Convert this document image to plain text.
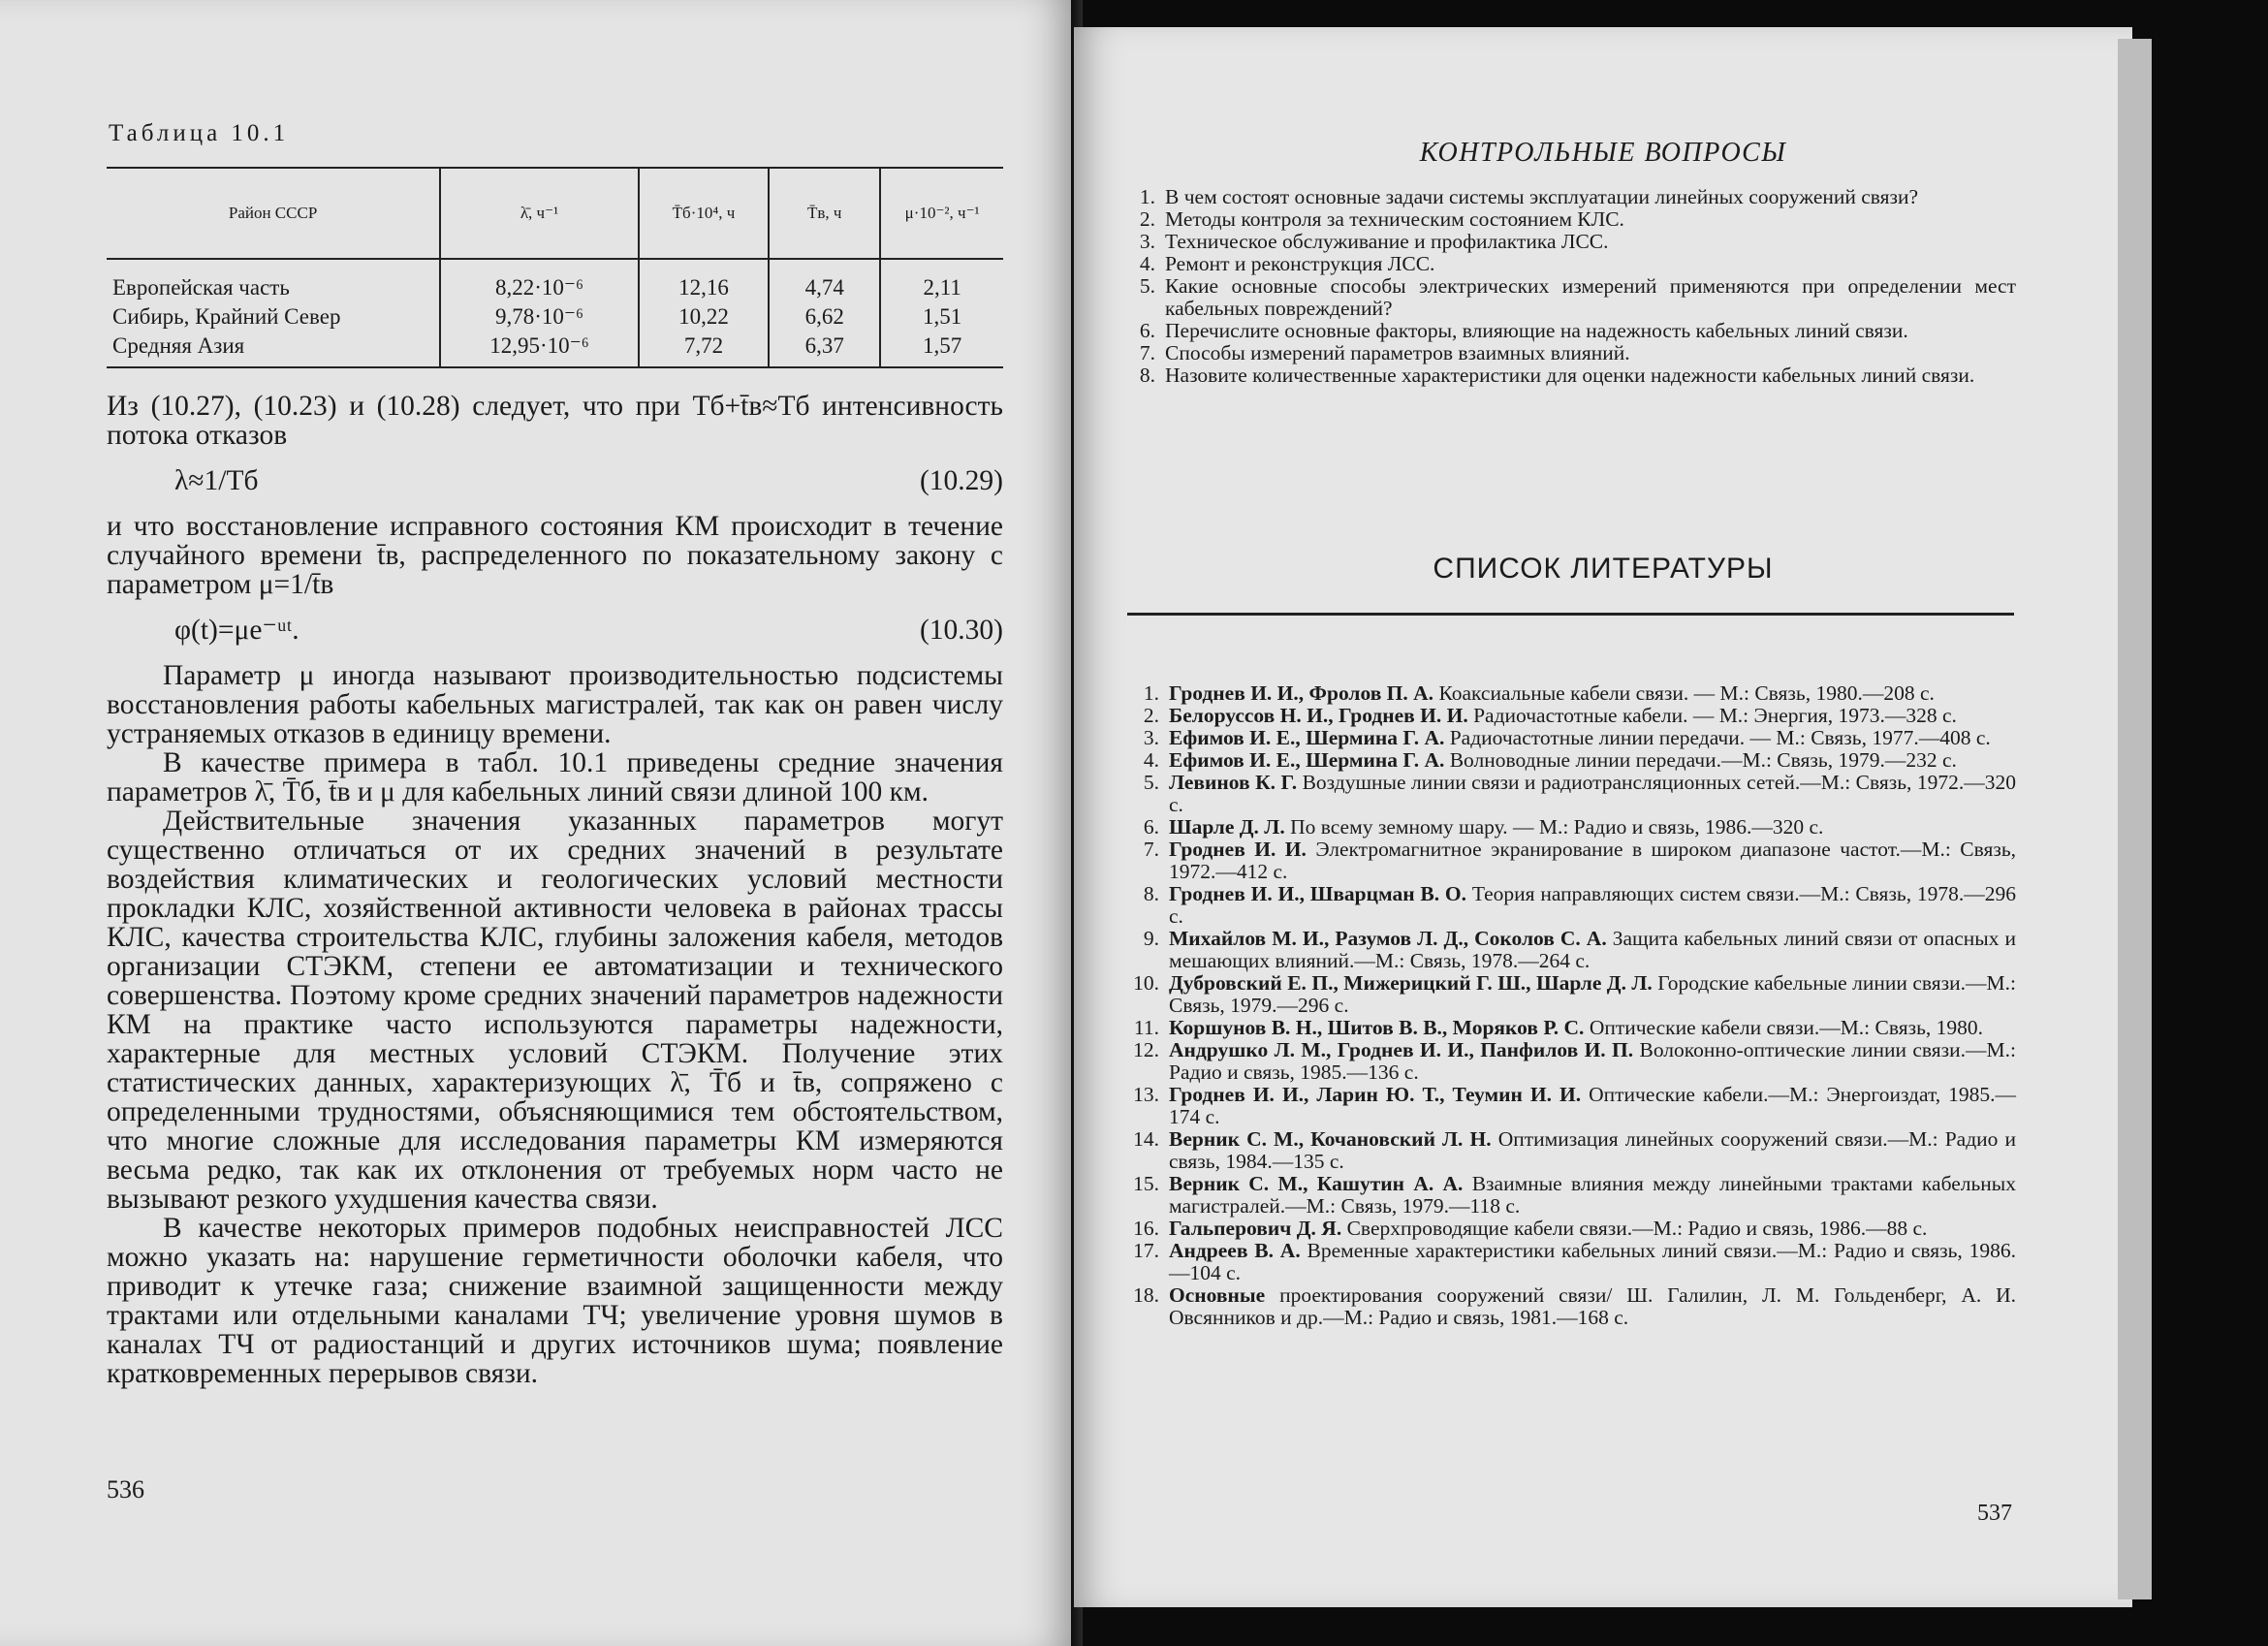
Таблица 10.1
Район СССР	λ̄, ч⁻¹	T̄б·10⁴, ч	T̄в, ч	μ·10⁻², ч⁻¹
Европейская часть	8,22·10⁻⁶	12,16	4,74	2,11
Сибирь, Крайний Север	9,78·10⁻⁶	10,22	6,62	1,51
Средняя Азия	12,95·10⁻⁶	7,72	6,37	1,57

Из (10.27), (10.23) и (10.28) следует, что при Tб+t̄в≈Tб интенсивность потока отказов

λ≈1/Tб	(10.29)

и что восстановление исправного состояния КМ происходит в течение случайного времени t̄в, распределенного по показательному закону с параметром μ=1/t̄в

φ(t)=μe⁻ᵘᵗ.	(10.30)

Параметр μ иногда называют производительностью подсистемы восстановления работы кабельных магистралей, так как он равен числу устраняемых отказов в единицу времени.

В качестве примера в табл. 10.1 приведены средние значения параметров λ̄, T̄б, t̄в и μ для кабельных линий связи длиной 100 км.

Действительные значения указанных параметров могут существенно отличаться от их средних значений в результате воздействия климатических и геологических условий местности прокладки КЛС, хозяйственной активности человека в районах трассы КЛС, качества строительства КЛС, глубины заложения кабеля, методов организации СТЭКМ, степени ее автоматизации и технического совершенства. Поэтому кроме средних значений параметров надежности КМ на практике часто используются параметры надежности, характерные для местных условий СТЭКМ. Получение этих статистических данных, характеризующих λ̄, T̄б и t̄в, сопряжено с определенными трудностями, объясняющимися тем обстоятельством, что многие сложные для исследования параметры КМ измеряются весьма редко, так как их отклонения от требуемых норм часто не вызывают резкого ухудшения качества связи.

В качестве некоторых примеров подобных неисправностей ЛСС можно указать на: нарушение герметичности оболочки кабеля, что приводит к утечке газа; снижение взаимной защищенности между трактами или отдельными каналами ТЧ; увеличение уровня шумов в каналах ТЧ от радиостанций и других источников шума; появление кратковременных перерывов связи.

536
КОНТРОЛЬНЫЕ ВОПРОСЫ
1. В чем состоят основные задачи системы эксплуатации линейных сооружений связи?
2. Методы контроля за техническим состоянием КЛС.
3. Техническое обслуживание и профилактика ЛСС.
4. Ремонт и реконструкция ЛСС.
5. Какие основные способы электрических измерений применяются при определении мест кабельных повреждений?
6. Перечислите основные факторы, влияющие на надежность кабельных линий связи.
7. Способы измерений параметров взаимных влияний.
8. Назовите количественные характеристики для оценки надежности кабельных линий связи.
СПИСОК ЛИТЕРАТУРЫ
1. Гроднев И. И., Фролов П. А. Коаксиальные кабели связи. — М.: Связь, 1980.—208 с.
2. Белоруссов Н. И., Гроднев И. И. Радиочастотные кабели. — М.: Энергия, 1973.—328 с.
3. Ефимов И. Е., Шермина Г. А. Радиочастотные линии передачи. — М.: Связь, 1977.—408 с.
4. Ефимов И. Е., Шермина Г. А. Волноводные линии передачи.—М.: Связь, 1979.—232 с.
5. Левинов К. Г. Воздушные линии связи и радиотрансляционных сетей.—М.: Связь, 1972.—320 с.
6. Шарле Д. Л. По всему земному шару. — М.: Радио и связь, 1986.—320 с.
7. Гроднев И. И. Электромагнитное экранирование в широком диапазоне частот.—М.: Связь, 1972.—412 с.
8. Гроднев И. И., Шварцман В. О. Теория направляющих систем связи.—М.: Связь, 1978.—296 с.
9. Михайлов М. И., Разумов Л. Д., Соколов С. А. Защита кабельных линий связи от опасных и мешающих влияний.—М.: Связь, 1978.—264 с.
10. Дубровский Е. П., Мижерицкий Г. Ш., Шарле Д. Л. Городские кабельные линии связи.—М.: Связь, 1979.—296 с.
11. Коршунов В. Н., Шитов В. В., Моряков Р. С. Оптические кабели связи.—М.: Связь, 1980.
12. Андрушко Л. М., Гроднев И. И., Панфилов И. П. Волоконно-оптические линии связи.—М.: Радио и связь, 1985.—136 с.
13. Гроднев И. И., Ларин Ю. Т., Теумин И. И. Оптические кабели.—М.: Энергоиздат, 1985.—174 с.
14. Верник С. М., Кочановский Л. Н. Оптимизация линейных сооружений связи.—М.: Радио и связь, 1984.—135 с.
15. Верник С. М., Кашутин А. А. Взаимные влияния между линейными трактами кабельных магистралей.—М.: Связь, 1979.—118 с.
16. Гальперович Д. Я. Сверхпроводящие кабели связи.—М.: Радио и связь, 1986.—88 с.
17. Андреев В. А. Временные характеристики кабельных линий связи.—М.: Радио и связь, 1986.—104 с.
18. Основные проектирования сооружений связи/ Ш. Галилин, Л. М. Гольденберг, А. И. Овсянников и др.—М.: Радио и связь, 1981.—168 с.
537
